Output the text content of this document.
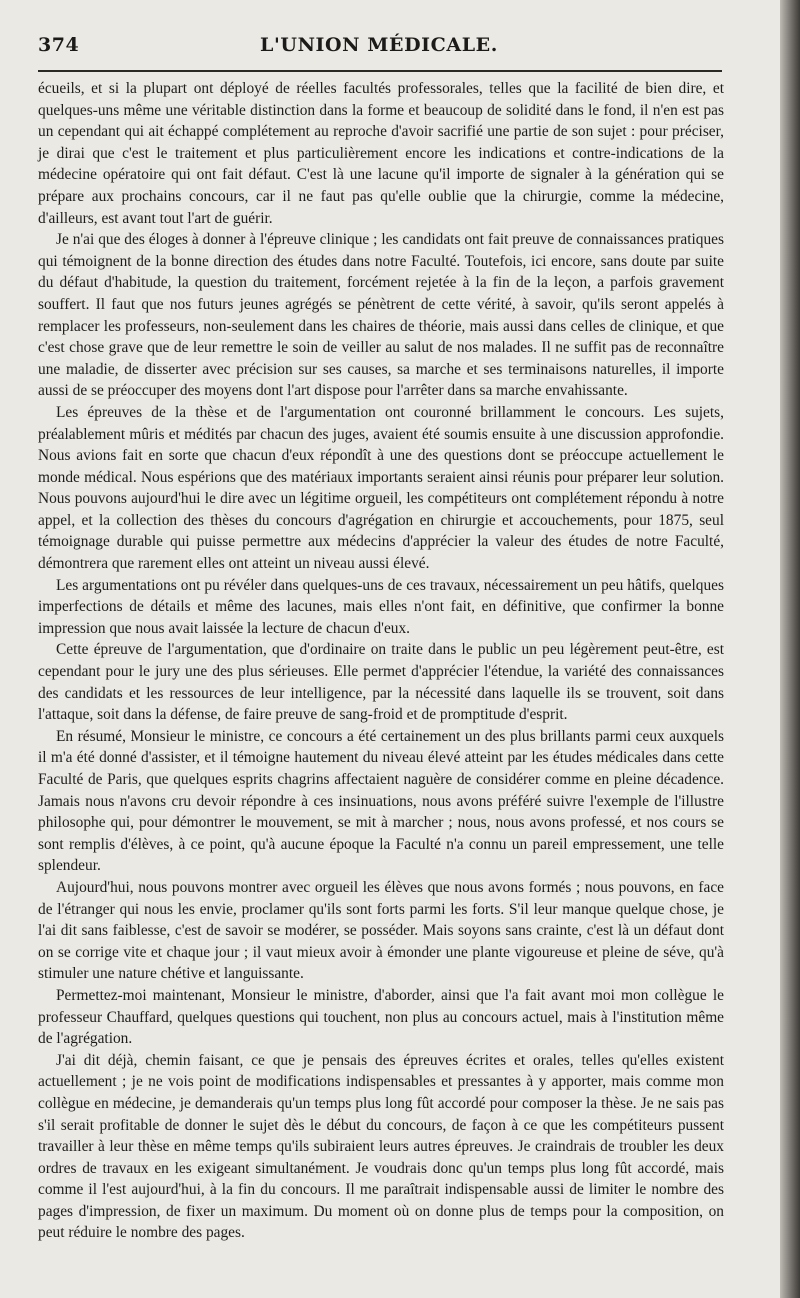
374	L'UNION MÉDICALE.

écueils, et si la plupart ont déployé de réelles facultés professorales, telles que la facilité de bien dire, et quelques-uns même une véritable distinction dans la forme et beaucoup de solidité dans le fond, il n'en est pas un cependant qui ait échappé complétement au reproche d'avoir sacrifié une partie de son sujet : pour préciser, je dirai que c'est le traitement et plus particulièrement encore les indications et contre-indications de la médecine opératoire qui ont fait défaut. C'est là une lacune qu'il importe de signaler à la génération qui se prépare aux prochains concours, car il ne faut pas qu'elle oublie que la chirurgie, comme la médecine, d'ailleurs, est avant tout l'art de guérir.

Je n'ai que des éloges à donner à l'épreuve clinique ; les candidats ont fait preuve de connaissances pratiques qui témoignent de la bonne direction des études dans notre Faculté. Toutefois, ici encore, sans doute par suite du défaut d'habitude, la question du traitement, forcément rejetée à la fin de la leçon, a parfois gravement souffert. Il faut que nos futurs jeunes agrégés se pénètrent de cette vérité, à savoir, qu'ils seront appelés à remplacer les professeurs, non-seulement dans les chaires de théorie, mais aussi dans celles de clinique, et que c'est chose grave que de leur remettre le soin de veiller au salut de nos malades. Il ne suffit pas de reconnaître une maladie, de disserter avec précision sur ses causes, sa marche et ses terminaisons naturelles, il importe aussi de se préoccuper des moyens dont l'art dispose pour l'arrêter dans sa marche envahissante.

Les épreuves de la thèse et de l'argumentation ont couronné brillamment le concours. Les sujets, préalablement mûris et médités par chacun des juges, avaient été soumis ensuite à une discussion approfondie. Nous avions fait en sorte que chacun d'eux répondît à une des questions dont se préoccupe actuellement le monde médical. Nous espérions que des matériaux importants seraient ainsi réunis pour préparer leur solution. Nous pouvons aujourd'hui le dire avec un légitime orgueil, les compétiteurs ont complétement répondu à notre appel, et la collection des thèses du concours d'agrégation en chirurgie et accouchements, pour 1875, seul témoignage durable qui puisse permettre aux médecins d'apprécier la valeur des études de notre Faculté, démontrera que rarement elles ont atteint un niveau aussi élevé.

Les argumentations ont pu révéler dans quelques-uns de ces travaux, nécessairement un peu hâtifs, quelques imperfections de détails et même des lacunes, mais elles n'ont fait, en définitive, que confirmer la bonne impression que nous avait laissée la lecture de chacun d'eux.

Cette épreuve de l'argumentation, que d'ordinaire on traite dans le public un peu légèrement peut-être, est cependant pour le jury une des plus sérieuses. Elle permet d'apprécier l'étendue, la variété des connaissances des candidats et les ressources de leur intelligence, par la nécessité dans laquelle ils se trouvent, soit dans l'attaque, soit dans la défense, de faire preuve de sang-froid et de promptitude d'esprit.

En résumé, Monsieur le ministre, ce concours a été certainement un des plus brillants parmi ceux auxquels il m'a été donné d'assister, et il témoigne hautement du niveau élevé atteint par les études médicales dans cette Faculté de Paris, que quelques esprits chagrins affectaient naguère de considérer comme en pleine décadence. Jamais nous n'avons cru devoir répondre à ces insinuations, nous avons préféré suivre l'exemple de l'illustre philosophe qui, pour démontrer le mouvement, se mit à marcher ; nous, nous avons professé, et nos cours se sont remplis d'élèves, à ce point, qu'à aucune époque la Faculté n'a connu un pareil empressement, une telle splendeur.

Aujourd'hui, nous pouvons montrer avec orgueil les élèves que nous avons formés ; nous pouvons, en face de l'étranger qui nous les envie, proclamer qu'ils sont forts parmi les forts. S'il leur manque quelque chose, je l'ai dit sans faiblesse, c'est de savoir se modérer, se posséder. Mais soyons sans crainte, c'est là un défaut dont on se corrige vite et chaque jour ; il vaut mieux avoir à émonder une plante vigoureuse et pleine de séve, qu'à stimuler une nature chétive et languissante.

Permettez-moi maintenant, Monsieur le ministre, d'aborder, ainsi que l'a fait avant moi mon collègue le professeur Chauffard, quelques questions qui touchent, non plus au concours actuel, mais à l'institution même de l'agrégation.

J'ai dit déjà, chemin faisant, ce que je pensais des épreuves écrites et orales, telles qu'elles existent actuellement ; je ne vois point de modifications indispensables et pressantes à y apporter, mais comme mon collègue en médecine, je demanderais qu'un temps plus long fût accordé pour composer la thèse. Je ne sais pas s'il serait profitable de donner le sujet dès le début du concours, de façon à ce que les compétiteurs pussent travailler à leur thèse en même temps qu'ils subiraient leurs autres épreuves. Je craindrais de troubler les deux ordres de travaux en les exigeant simultanément. Je voudrais donc qu'un temps plus long fût accordé, mais comme il l'est aujourd'hui, à la fin du concours. Il me paraîtrait indispensable aussi de limiter le nombre des pages d'impression, de fixer un maximum. Du moment où on donne plus de temps pour la composition, on peut réduire le nombre des pages.
